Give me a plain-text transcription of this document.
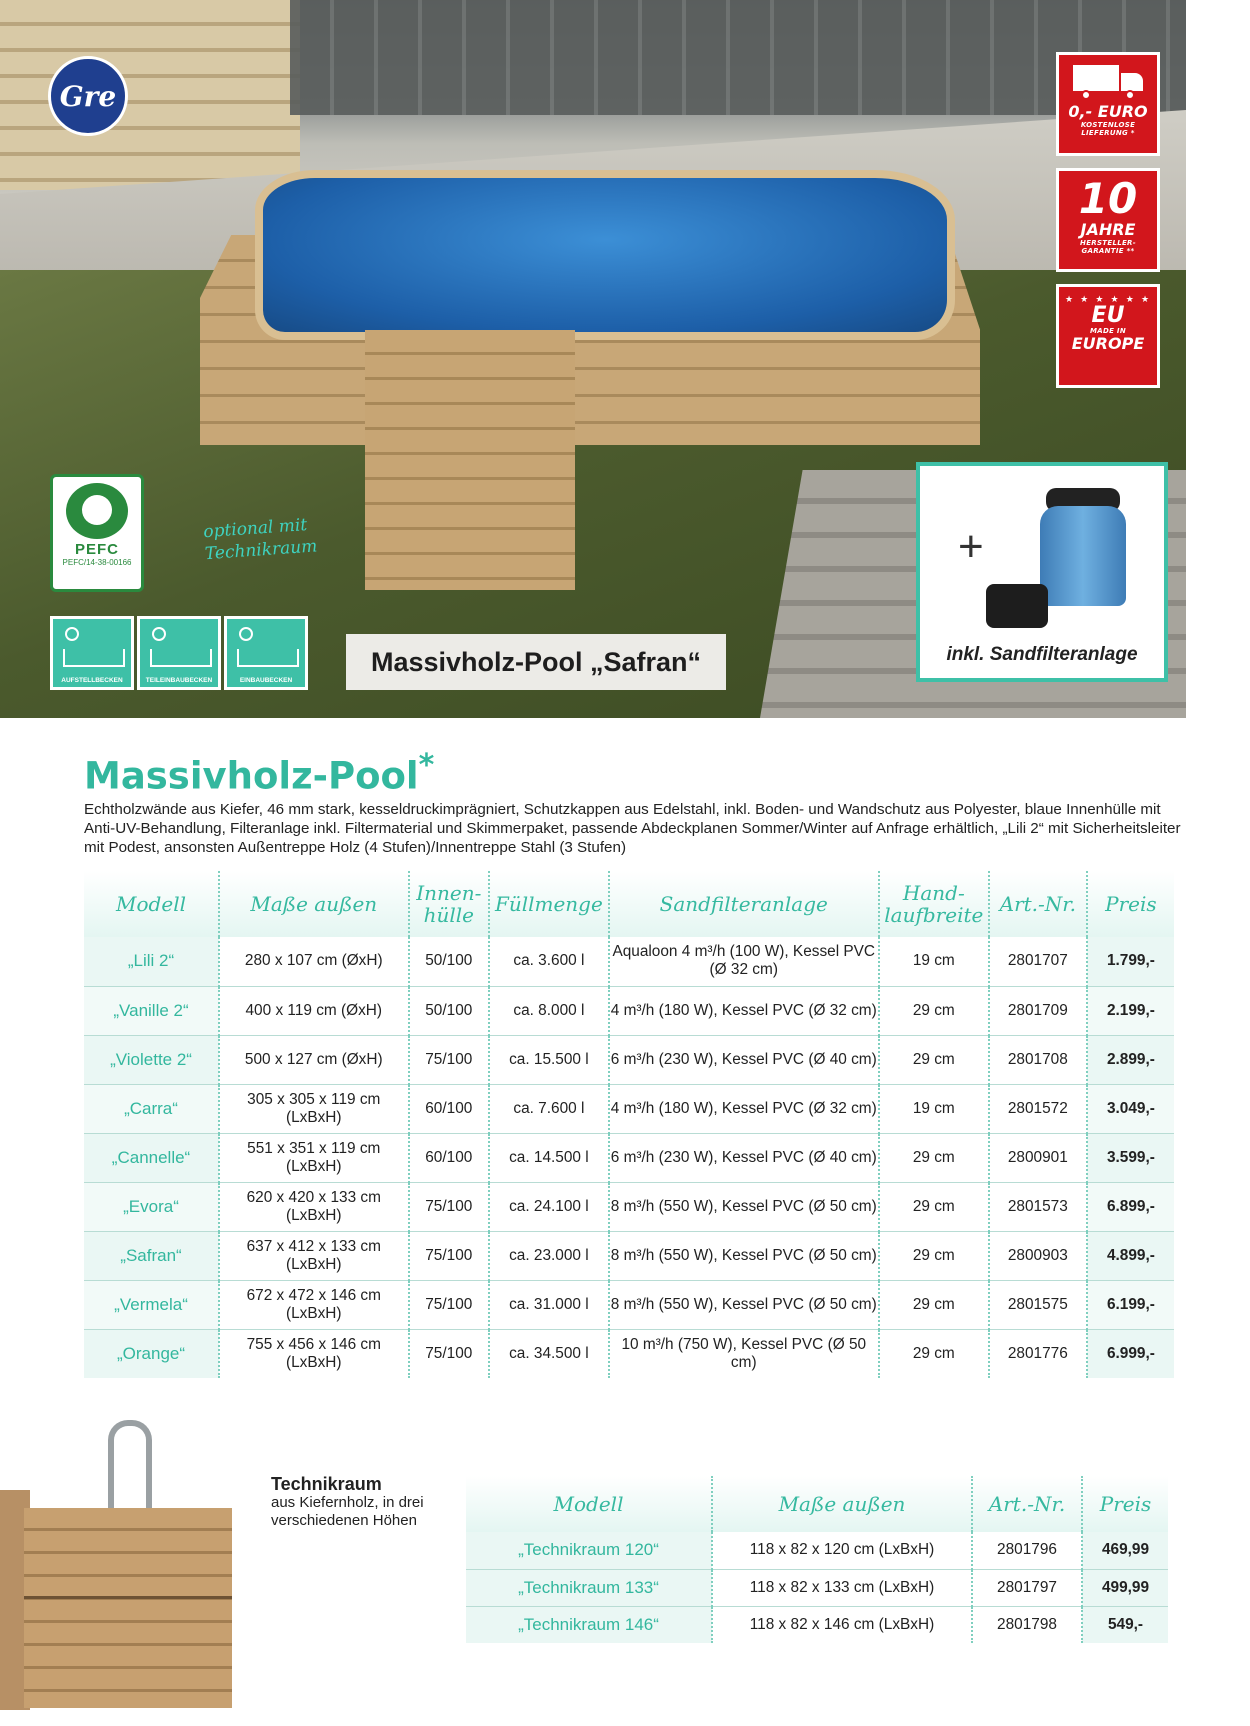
Gre	0,- EURO
KOSTENLOSE LIEFERUNG *
10
JAHRE
HERSTELLER-GARANTIE **
★ ★ ★ ★ ★ ★
EU
MADE IN
EUROPE
PEFC
PEFC/14-38-00166
AUFSTELLBECKEN	TEILEINBAUBECKEN	EINBAUBECKEN
optional mit Technikraum
Massivholz-Pool „Safran“
+
inkl. Sandfilteranlage
Massivholz-Pool*
Echtholzwände aus Kiefer, 46 mm stark, kesseldruckimprägniert, Schutzkappen aus Edelstahl, inkl. Boden- und Wandschutz aus Polyester, blaue Innenhülle mit Anti-UV-Behandlung, Filteranlage inkl. Filtermaterial und Skimmerpaket, passende Abdeckplanen Sommer/Winter auf Anfrage erhältlich, „Lili 2“ mit Sicherheitsleiter mit Podest, ansonsten Außentreppe Holz (4 Stufen)/Innentreppe Stahl (3 Stufen)
Modell	Maße außen	Innen-hülle	Füllmenge	Sandfilteranlage	Hand-laufbreite	Art.-Nr.	Preis
„Lili 2“	280 x 107 cm (ØxH)	50/100	ca. 3.600 l	Aqualoon 4 m³/h (100 W), Kessel PVC (Ø 32 cm)	19 cm	2801707	1.799,-
„Vanille 2“	400 x 119 cm (ØxH)	50/100	ca. 8.000 l	4 m³/h (180 W), Kessel PVC (Ø 32 cm)	29 cm	2801709	2.199,-
„Violette 2“	500 x 127 cm (ØxH)	75/100	ca. 15.500 l	6 m³/h (230 W), Kessel PVC (Ø 40 cm)	29 cm	2801708	2.899,-
„Carra“	305 x 305 x 119 cm (LxBxH)	60/100	ca. 7.600 l	4 m³/h (180 W), Kessel PVC (Ø 32 cm)	19 cm	2801572	3.049,-
„Cannelle“	551 x 351 x 119 cm (LxBxH)	60/100	ca. 14.500 l	6 m³/h (230 W), Kessel PVC (Ø 40 cm)	29 cm	2800901	3.599,-
„Evora“	620 x 420 x 133 cm (LxBxH)	75/100	ca. 24.100 l	8 m³/h (550 W), Kessel PVC (Ø 50 cm)	29 cm	2801573	6.899,-
„Safran“	637 x 412 x 133 cm (LxBxH)	75/100	ca. 23.000 l	8 m³/h (550 W), Kessel PVC (Ø 50 cm)	29 cm	2800903	4.899,-
„Vermela“	672 x 472 x 146 cm (LxBxH)	75/100	ca. 31.000 l	8 m³/h (550 W), Kessel PVC (Ø 50 cm)	29 cm	2801575	6.199,-
„Orange“	755 x 456 x 146 cm (LxBxH)	75/100	ca. 34.500 l	10 m³/h (750 W), Kessel PVC (Ø 50 cm)	29 cm	2801776	6.999,-
Technikraum
aus Kiefernholz, in drei verschiedenen Höhen
Modell	Maße außen	Art.-Nr.	Preis
„Technikraum 120“	118 x 82 x 120 cm (LxBxH)	2801796	469,99
„Technikraum 133“	118 x 82 x 133 cm (LxBxH)	2801797	499,99
„Technikraum 146“	118 x 82 x 146 cm (LxBxH)	2801798	549,-
